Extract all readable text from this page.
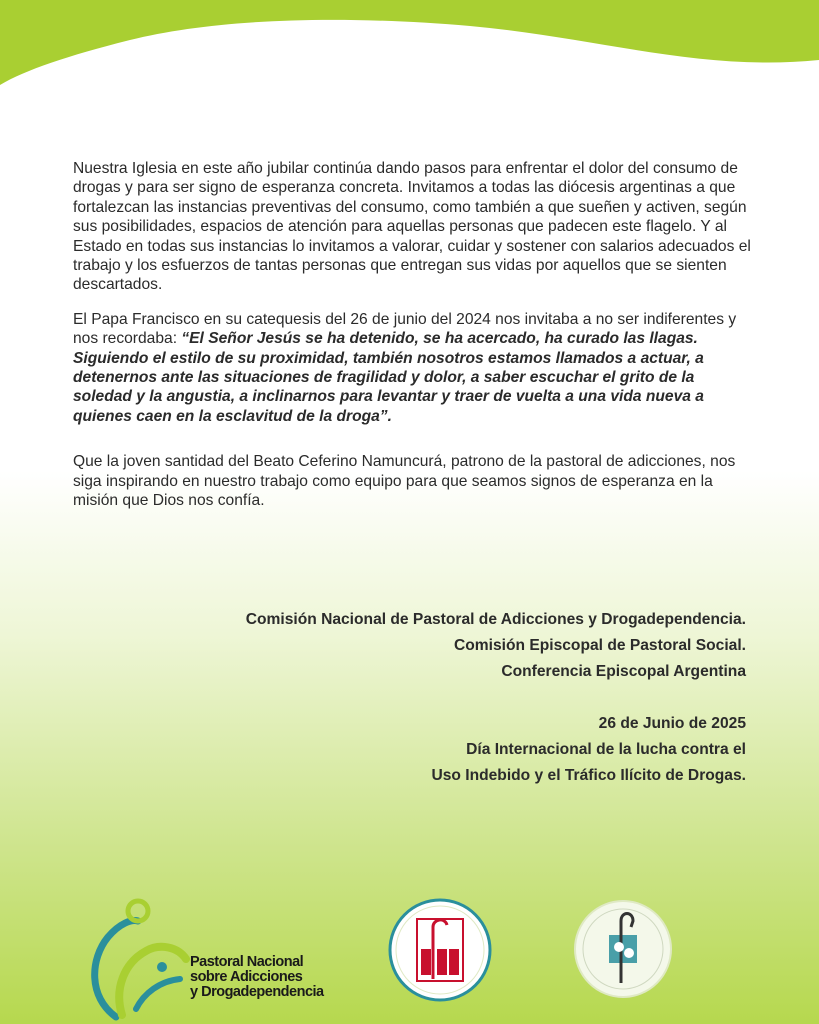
Nuestra Iglesia en este año jubilar continúa dando pasos para enfrentar el dolor del consumo de drogas y para ser signo de esperanza concreta. Invitamos a todas las diócesis argentinas a que fortalezcan las instancias preventivas del consumo, como también a que sueñen y activen, según sus posibilidades, espacios de atención para aquellas personas que padecen este flagelo. Y al Estado en todas sus instancias lo invitamos a valorar, cuidar y sostener con salarios adecuados el trabajo y los esfuerzos de tantas personas que entregan sus vidas por aquellos que se sienten descartados.

El Papa Francisco en su catequesis del 26 de junio del 2024 nos invitaba a no ser indiferentes y nos recordaba: “El Señor Jesús se ha detenido, se ha acercado, ha curado las llagas. Siguiendo el estilo de su proximidad, también nosotros estamos llamados a actuar, a detenernos ante las situaciones de fragilidad y dolor, a saber escuchar el grito de la soledad y la angustia, a inclinarnos para levantar y traer de vuelta a una vida nueva a quienes caen en la esclavitud de la droga”.

Que la joven santidad del Beato Ceferino Namuncurá, patrono de la pastoral de adicciones, nos siga inspirando en nuestro trabajo como equipo para que seamos signos de esperanza en la misión que Dios nos confía.

Comisión Nacional de Pastoral de Adicciones y Drogadependencia.
Comisión Episcopal de Pastoral Social.
Conferencia Episcopal Argentina
26 de Junio de 2025
Día Internacional de la lucha contra el
Uso Indebido y el Tráfico Ilícito de Drogas.
Pastoral Nacional
sobre Adicciones
y Drogadependencia
